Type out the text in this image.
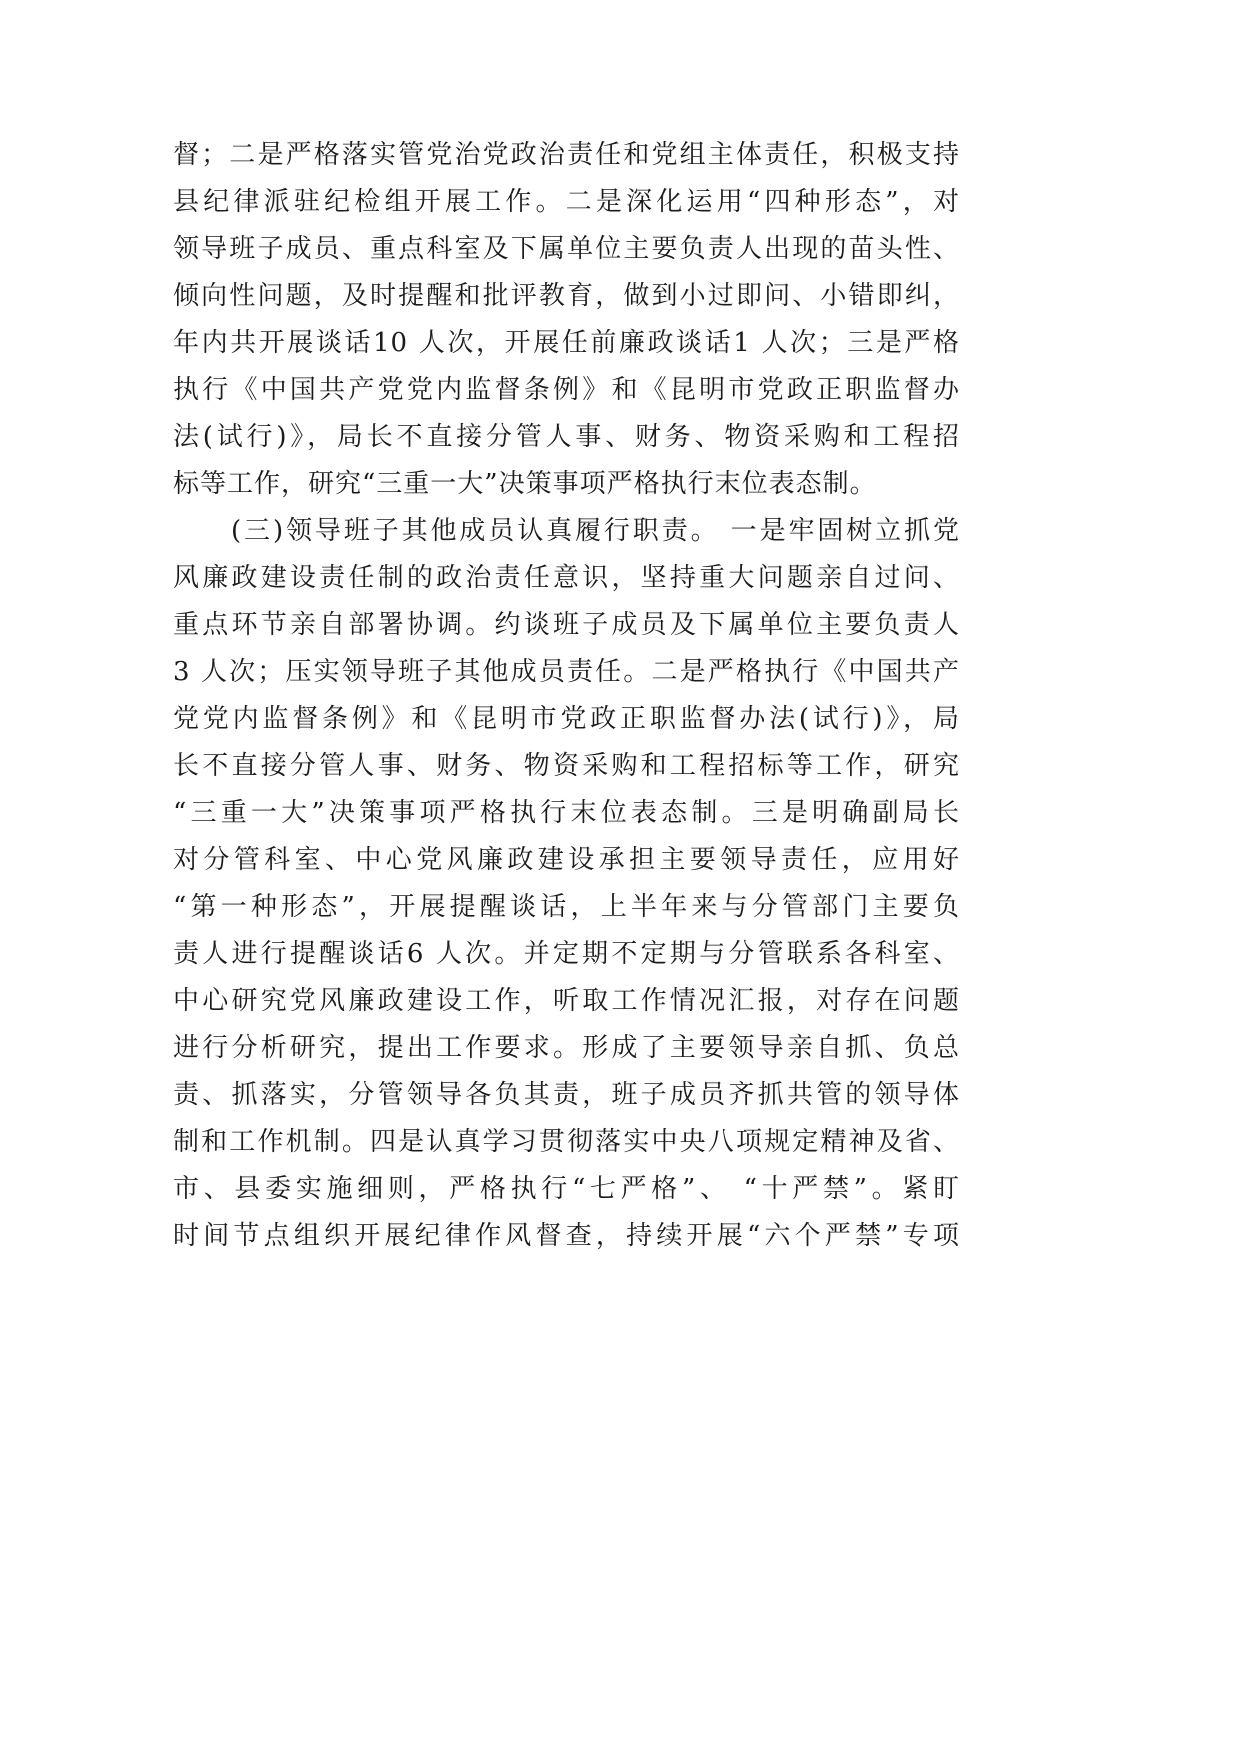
督；二是严格落实管党治党政治责任和党组主体责任，积极支持
县纪律派驻纪检组开展工作。二是深化运用“四种形态”，对
领导班子成员、重点科室及下属单位主要负责人出现的苗头性、
倾向性问题，及时提醒和批评教育，做到小过即问、小错即纠，
年内共开展谈话10 人次，开展任前廉政谈话1 人次；三是严格
执行《中国共产党党内监督条例》和《昆明市党政正职监督办
法(试行)》，局长不直接分管人事、财务、物资采购和工程招
标等工作，研究“三重一大”决策事项严格执行末位表态制。
(三)领导班子其他成员认真履行职责。 一是牢固树立抓党
风廉政建设责任制的政治责任意识，坚持重大问题亲自过问、
重点环节亲自部署协调。约谈班子成员及下属单位主要负责人
3 人次；压实领导班子其他成员责任。二是严格执行《中国共产
党党内监督条例》和《昆明市党政正职监督办法(试行)》，局
长不直接分管人事、财务、物资采购和工程招标等工作，研究
“三重一大”决策事项严格执行末位表态制。三是明确副局长
对分管科室、中心党风廉政建设承担主要领导责任，应用好
“第一种形态”，开展提醒谈话，上半年来与分管部门主要负
责人进行提醒谈话6 人次。并定期不定期与分管联系各科室、
中心研究党风廉政建设工作，听取工作情况汇报，对存在问题
进行分析研究，提出工作要求。形成了主要领导亲自抓、负总
责、抓落实，分管领导各负其责，班子成员齐抓共管的领导体
制和工作机制。四是认真学习贯彻落实中央八项规定精神及省、
市、县委实施细则，严格执行“七严格”、 “十严禁”。紧盯
时间节点组织开展纪律作风督查，持续开展“六个严禁”专项
